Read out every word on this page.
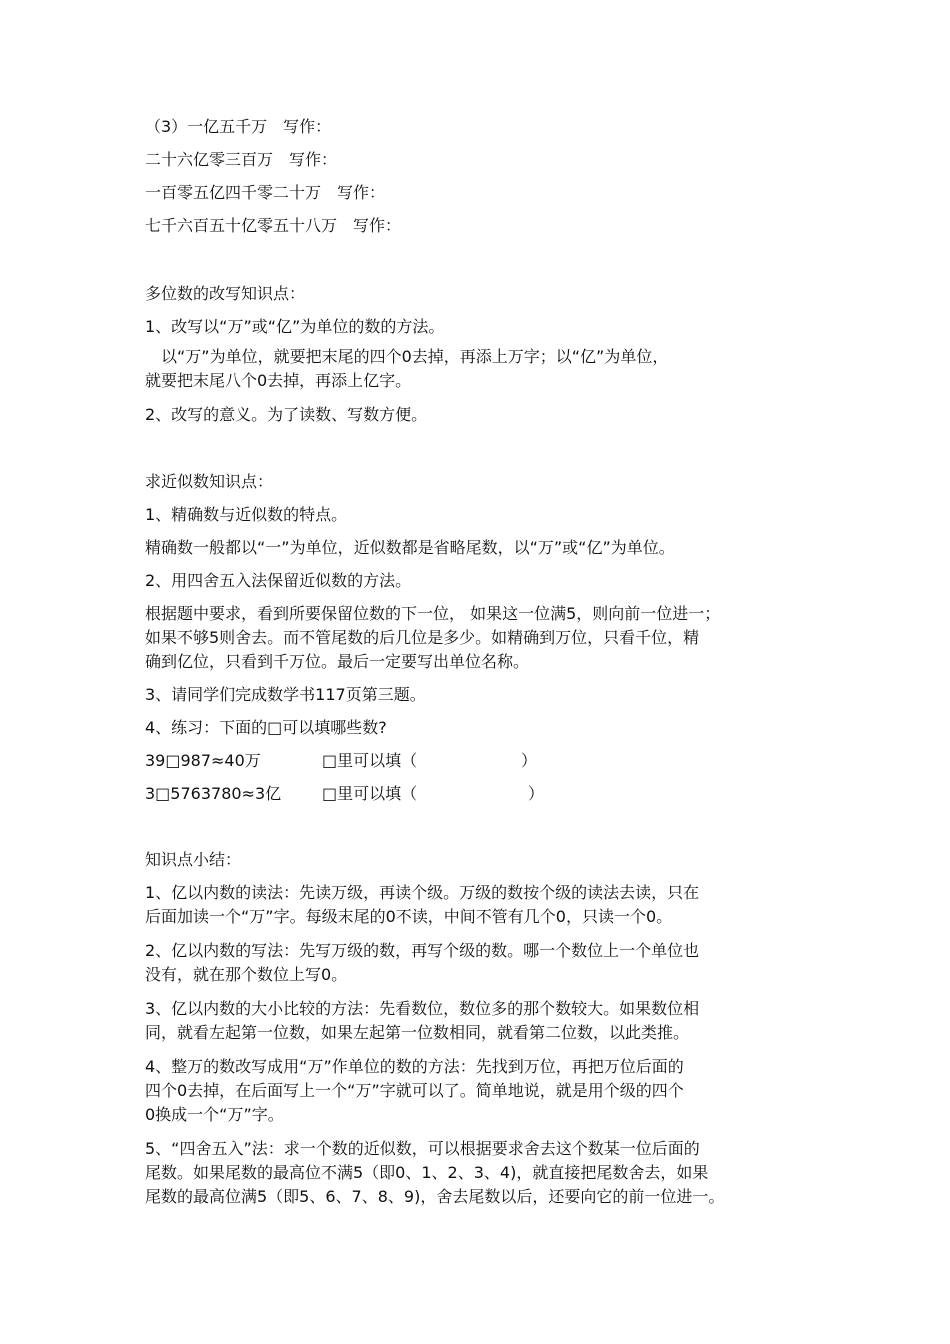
（3）一亿五千万　写作：
二十六亿零三百万　写作：
一百零五亿四千零二十万　写作：
七千六百五十亿零五十八万　写作：
多位数的改写知识点：
1、改写以“万”或“亿”为单位的数的方法。
以“万”为单位，就要把末尾的四个0去掉，再添上万字；以“亿”为单位，
就要把末尾八个0去掉，再添上亿字。
2、改写的意义。为了读数、写数方便。
求近似数知识点：
1、精确数与近似数的特点。
精确数一般都以“一”为单位，近似数都是省略尾数，以“万”或“亿”为单位。
2、用四舍五入法保留近似数的方法。
根据题中要求，看到所要保留位数的下一位， 如果这一位满5，则向前一位进一；
如果不够5则舍去。而不管尾数的后几位是多少。如精确到万位，只看千位，精
确到亿位，只看到千万位。最后一定要写出单位名称。
3、请同学们完成数学书117页第三题。
4、练习：下面的□可以填哪些数?
39□987≈40万	□里可以填（	）
3□5763780≈3亿	□里可以填（	）
知识点小结：
1、亿以内数的读法：先读万级，再读个级。万级的数按个级的读法去读，只在
后面加读一个“万”字。每级末尾的0不读，中间不管有几个0，只读一个0。
2、亿以内数的写法：先写万级的数，再写个级的数。哪一个数位上一个单位也
没有，就在那个数位上写0。
3、亿以内数的大小比较的方法：先看数位，数位多的那个数较大。如果数位相
同，就看左起第一位数，如果左起第一位数相同，就看第二位数，以此类推。
4、整万的数改写成用“万”作单位的数的方法：先找到万位，再把万位后面的
四个0去掉，在后面写上一个“万”字就可以了。简单地说，就是用个级的四个
0换成一个“万”字。
5、“四舍五入”法：求一个数的近似数，可以根据要求舍去这个数某一位后面的
尾数。如果尾数的最高位不满5（即0、1、2、3、4)，就直接把尾数舍去，如果
尾数的最高位满5（即5、6、7、8、9)，舍去尾数以后，还要向它的前一位进一。
